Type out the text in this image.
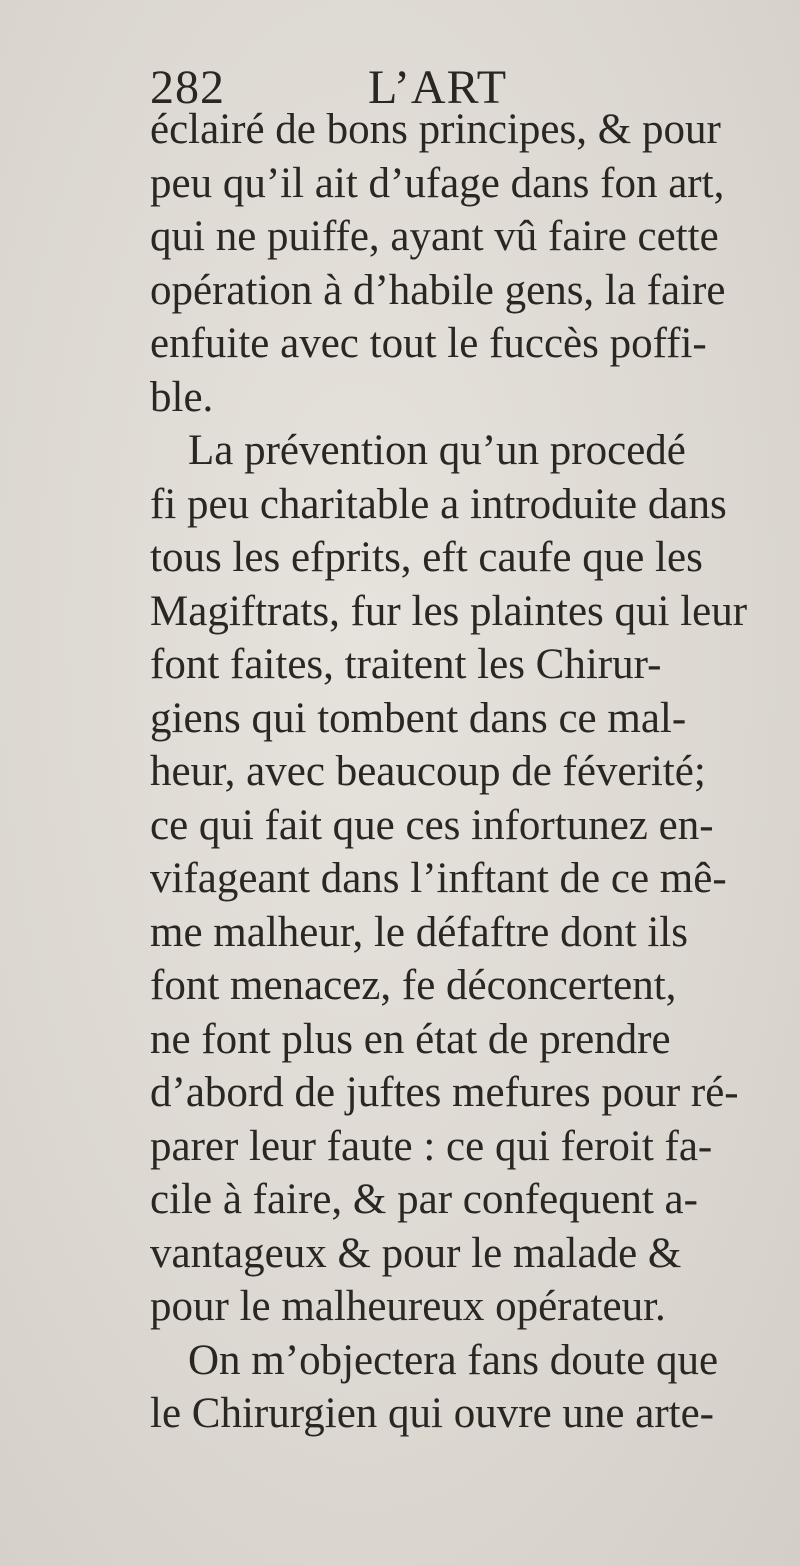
282	L’ART
éclairé de bons principes, & pour
peu qu’il ait d’ufage dans fon art,
qui ne puiffe, ayant vû faire cette
opération à d’habile gens, la faire
enfuite avec tout le fuccès poffi-
ble.
La prévention qu’un procedé
fi peu charitable a introduite dans
tous les efprits, eft caufe que les
Magiftrats, fur les plaintes qui leur
font faites, traitent les Chirur-
giens qui tombent dans ce mal-
heur, avec beaucoup de féverité;
ce qui fait que ces infortunez en-
vifageant dans l’inftant de ce mê-
me malheur, le défaftre dont ils
font menacez, fe déconcertent,
ne font plus en état de prendre
d’abord de juftes mefures pour ré-
parer leur faute : ce qui feroit fa-
cile à faire, & par confequent a-
vantageux & pour le malade &
pour le malheureux opérateur.
On m’objectera fans doute que
le Chirurgien qui ouvre une arte-
